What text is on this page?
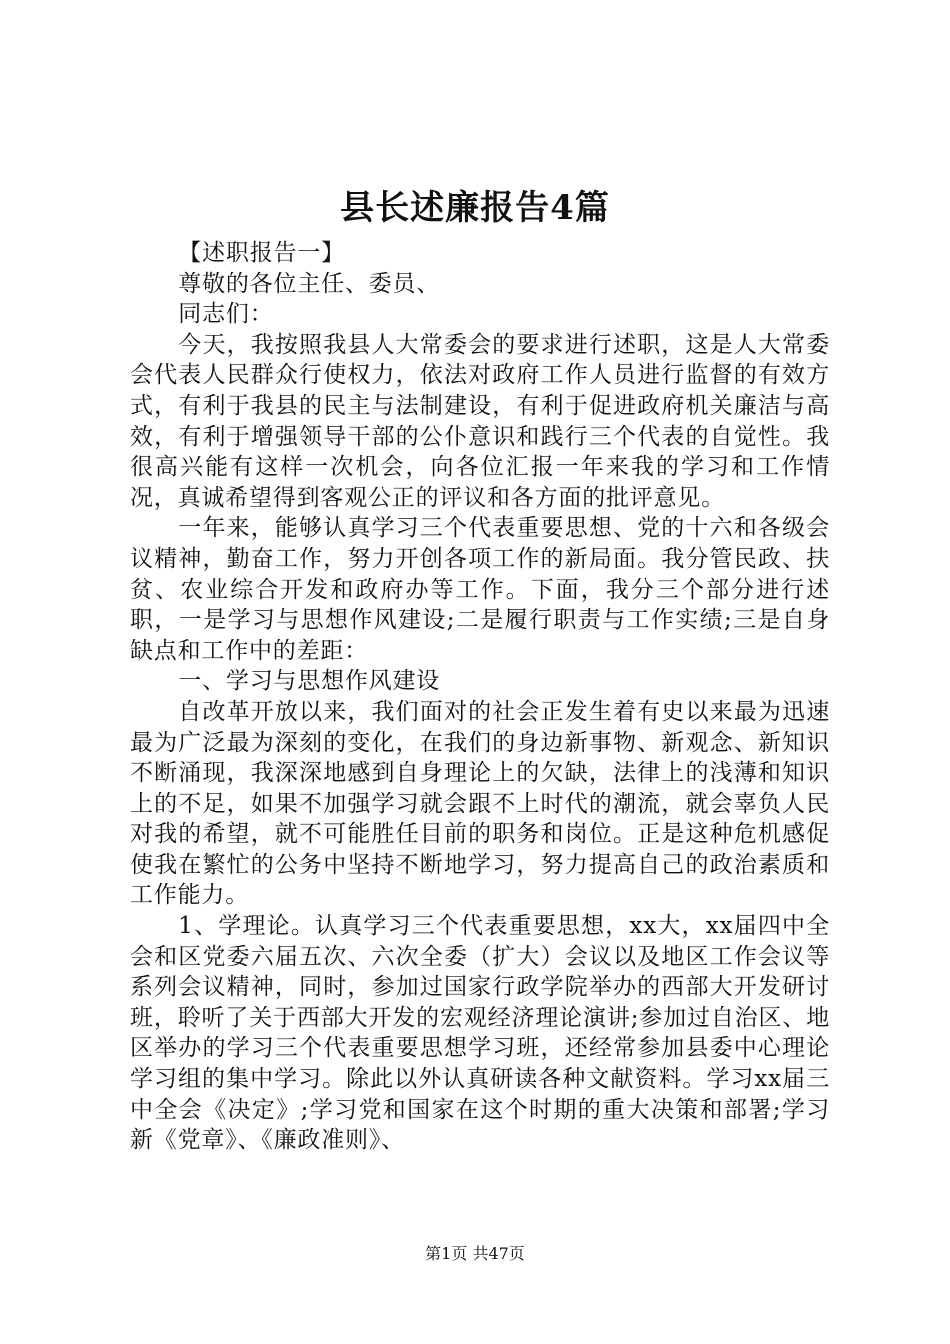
县长述廉报告4篇

【述职报告一】

尊敬的各位主任、委员、

同志们：

今天，我按照我县人大常委会的要求进行述职，这是人大常委会代表人民群众行使权力，依法对政府工作人员进行监督的有效方式，有利于我县的民主与法制建设，有利于促进政府机关廉洁与高效，有利于增强领导干部的公仆意识和践行三个代表的自觉性。我很高兴能有这样一次机会，向各位汇报一年来我的学习和工作情况，真诚希望得到客观公正的评议和各方面的批评意见。

一年来，能够认真学习三个代表重要思想、党的十六和各级会议精神，勤奋工作，努力开创各项工作的新局面。我分管民政、扶贫、农业综合开发和政府办等工作。下面，我分三个部分进行述职，一是学习与思想作风建设;二是履行职责与工作实绩;三是自身缺点和工作中的差距：

一、学习与思想作风建设

自改革开放以来，我们面对的社会正发生着有史以来最为迅速最为广泛最为深刻的变化，在我们的身边新事物、新观念、新知识不断涌现，我深深地感到自身理论上的欠缺，法律上的浅薄和知识上的不足，如果不加强学习就会跟不上时代的潮流，就会辜负人民对我的希望，就不可能胜任目前的职务和岗位。正是这种危机感促使我在繁忙的公务中坚持不断地学习，努力提高自己的政治素质和工作能力。

1、学理论。认真学习三个代表重要思想，xx大，xx届四中全会和区党委六届五次、六次全委（扩大）会议以及地区工作会议等系列会议精神，同时，参加过国家行政学院举办的西部大开发研讨班，聆听了关于西部大开发的宏观经济理论演讲;参加过自治区、地区举办的学习三个代表重要思想学习班，还经常参加县委中心理论学习组的集中学习。除此以外认真研读各种文献资料。学习xx届三中全会《决定》;学习党和国家在这个时期的重大决策和部署;学习新《党章》、《廉政准则》、

第1页 共47页
